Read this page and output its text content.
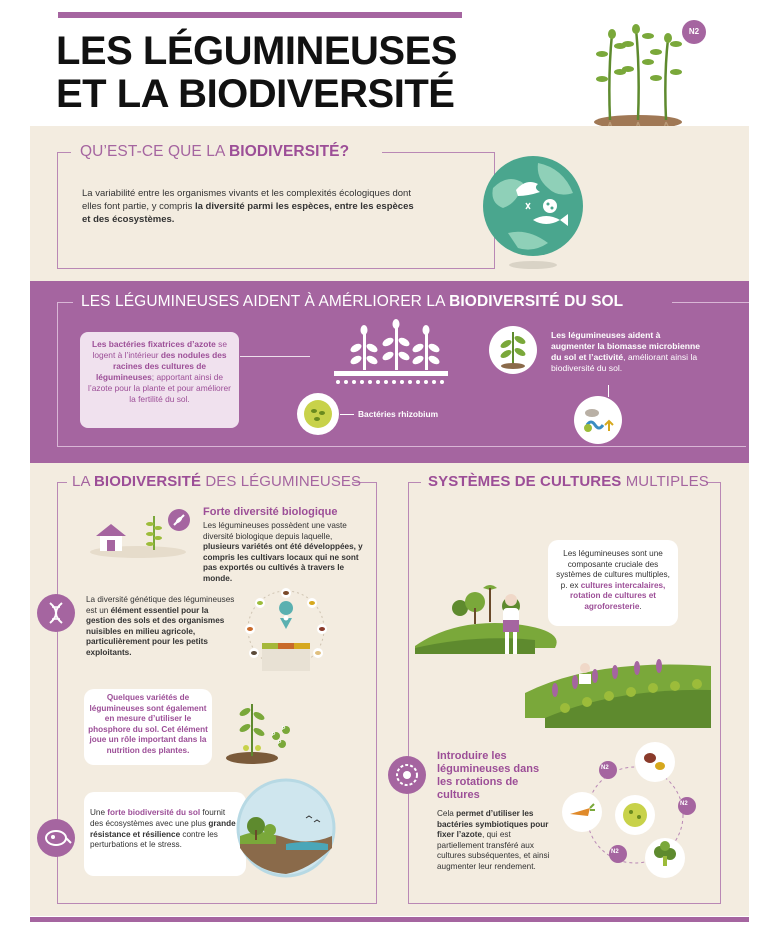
LES LÉGUMINEUSES
ET LA BIODIVERSITÉ
N2
QU’EST-CE QUE LA BIODIVERSITÉ?
La variabilité entre les organismes vivants et les complexités écologiques dont elles font partie, y compris la diversité parmi les espèces, entre les espèces et des écosystèmes.
LES LÉGUMINEUSES AIDENT À AMÉRLIORER LA BIODIVERSITÉ DU SOL
Les bactéries fixatrices d’azote se logent à l’intérieur des nodules des racines des cultures de légumineuses; apportant ainsi de l’azote pour la plante et pour améliorer la fertilité du sol.
Bactéries rhizobium
Les légumineuses aident à augmenter la biomasse microbienne du sol et l’activité, améliorant ainsi la biodiversité du sol.
LA BIODIVERSITÉ DES LÉGUMINEUSES
Forte diversité biologique
Les légumineuses possèdent une vaste diversité biologique depuis laquelle, plusieurs variétés ont été développées, y compris les cultivars locaux qui ne sont pas exportés ou cultivés à travers le monde.
La diversité génétique des légumineuses est un élément essentiel pour la gestion des sols et des organismes nuisibles en milieu agricole, particulièrement pour les petits exploitants.
Quelques variétés de légumineuses sont également en mesure d’utiliser le phosphore du sol. Cet élément joue un rôle important dans la nutrition des plantes.
P
P
P
Une forte biodiversité du sol fournit des écosystèmes avec une plus grande résistance et résilience contre les perturbations et le stress.
SYSTÈMES DE CULTURES MULTIPLES
Les légumineuses sont une composante cruciale des systèmes de cultures multiples, p. ex cultures intercalaires, rotation de cultures et agroforesterie.
Introduire les légumineuses dans les rotations de cultures
Cela permet d’utiliser les bactéries symbiotiques pour fixer l’azote, qui est partiellement transféré aux cultures subséquentes, et ainsi augmenter leur rendement.
N2
N2
N2
